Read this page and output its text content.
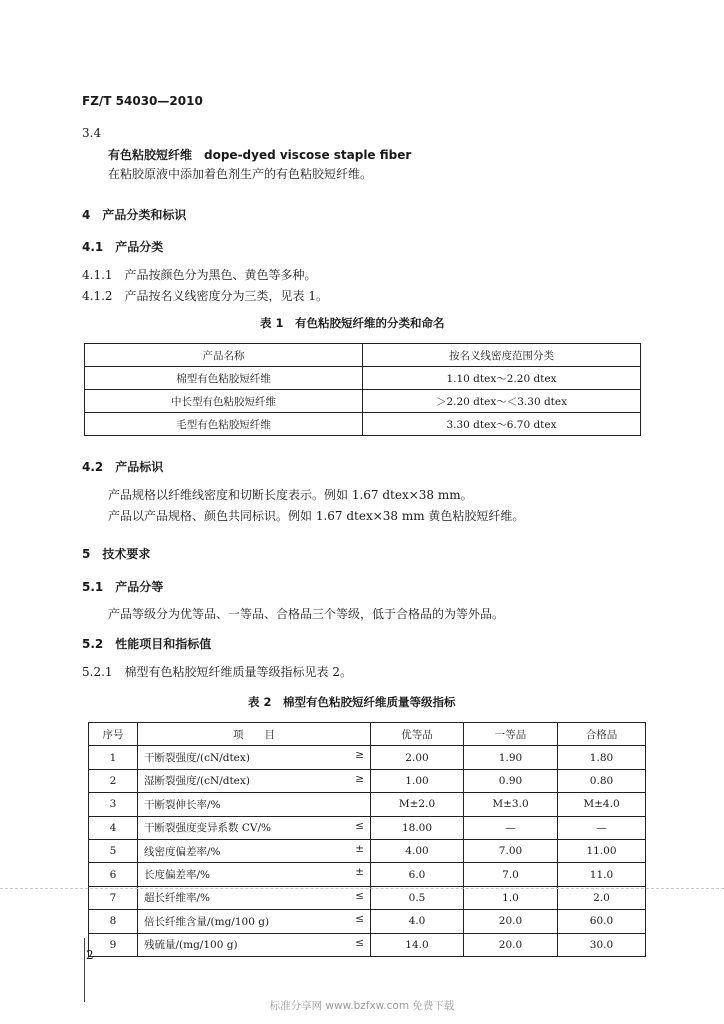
FZ/T 54030—2010
3.4
有色粘胶短纤维　dope-dyed viscose staple fiber
在粘胶原液中添加着色剂生产的有色粘胶短纤维。
4　产品分类和标识
4.1　产品分类
4.1.1　产品按颜色分为黑色、黄色等多种。
4.1.2　产品按名义线密度分为三类，见表 1。
表 1　有色粘胶短纤维的分类和命名
产品名称	按名义线密度范围分类
棉型有色粘胶短纤维	1.10 dtex～2.20 dtex
中长型有色粘胶短纤维	＞2.20 dtex～＜3.30 dtex
毛型有色粘胶短纤维	3.30 dtex～6.70 dtex
4.2　产品标识
产品规格以纤维线密度和切断长度表示。例如 1.67 dtex×38 mm。
产品以产品规格、颜色共同标识。例如 1.67 dtex×38 mm 黄色粘胶短纤维。
5　技术要求
5.1　产品分等
产品等级分为优等品、一等品、合格品三个等级，低于合格品的为等外品。
5.2　性能项目和指标值
5.2.1　棉型有色粘胶短纤维质量等级指标见表 2。
表 2　棉型有色粘胶短纤维质量等级指标
序号	项　　目	优等品	一等品	合格品
1	干断裂强度/(cN/dtex) ≥	2.00	1.90	1.80
2	湿断裂强度/(cN/dtex) ≥	1.00	0.90	0.80
3	干断裂伸长率/%	M±2.0	M±3.0	M±4.0
4	干断裂强度变异系数 CV/% ≤	18.00	—	—
5	线密度偏差率/% ±	4.00	7.00	11.00
6	长度偏差率/% ±	6.0	7.0	11.0
7	超长纤维率/% ≤	0.5	1.0	2.0
8	倍长纤维含量/(mg/100 g) ≤	4.0	20.0	60.0
9	残硫量/(mg/100 g) ≤	14.0	20.0	30.0
2
标准分享网 www.bzfxw.com 免费下载
